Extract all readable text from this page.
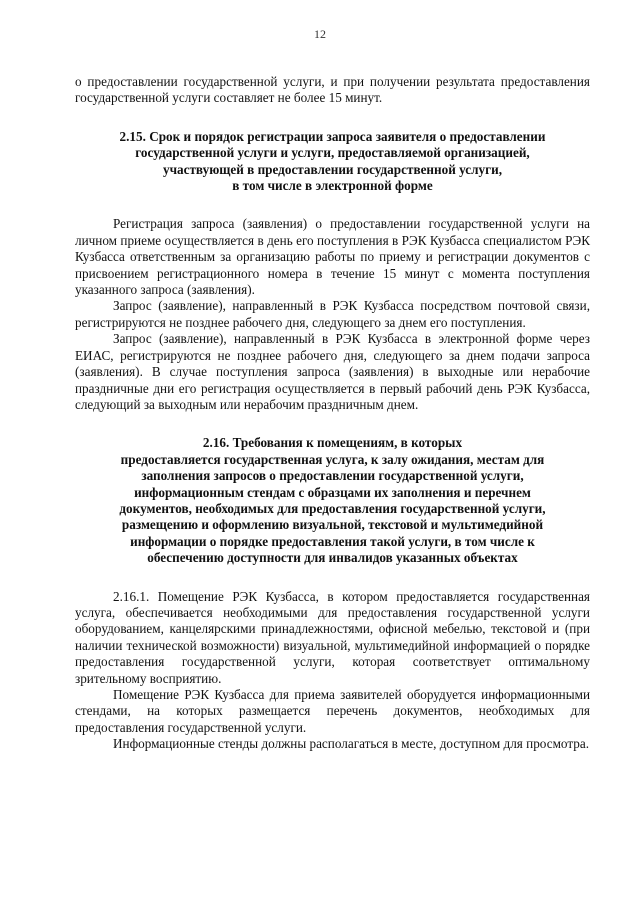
12

о предоставлении государственной услуги, и при получении результата предоставления государственной услуги составляет не более 15 минут.

2.15. Срок и порядок регистрации запроса заявителя о предоставлении
государственной услуги и услуги, предоставляемой организацией,
участвующей в предоставлении государственной услуги,
в том числе в электронной форме

Регистрация запроса (заявления) о предоставлении государственной услуги на личном приеме осуществляется в день его поступления в РЭК Кузбасса специалистом РЭК Кузбасса ответственным за организацию работы по приему и регистрации документов с присвоением регистрационного номера в течение 15 минут с момента поступления указанного запроса (заявления).

Запрос (заявление), направленный в РЭК Кузбасса посредством почтовой связи, регистрируются не позднее рабочего дня, следующего за днем его поступления.

Запрос (заявление), направленный в РЭК Кузбасса в электронной форме через ЕИАС, регистрируются не позднее рабочего дня, следующего за днем подачи запроса (заявления). В случае поступления запроса (заявления) в выходные или нерабочие праздничные дни его регистрация осуществляется в первый рабочий день РЭК Кузбасса, следующий за выходным или нерабочим праздничным днем.

2.16. Требования к помещениям, в которых
предоставляется государственная услуга, к залу ожидания, местам для
заполнения запросов о предоставлении государственной услуги,
информационным стендам с образцами их заполнения и перечнем
документов, необходимых для предоставления государственной услуги,
размещению и оформлению визуальной, текстовой и мультимедийной
информации о порядке предоставления такой услуги, в том числе к
обеспечению доступности для инвалидов указанных объектах

2.16.1. Помещение РЭК Кузбасса, в котором предоставляется государственная услуга, обеспечивается необходимыми для предоставления государственной услуги оборудованием, канцелярскими принадлежностями, офисной мебелью, текстовой и (при наличии технической возможности) визуальной, мультимедийной информацией о порядке предоставления государственной услуги, которая соответствует оптимальному зрительному восприятию.

Помещение РЭК Кузбасса для приема заявителей оборудуется информационными стендами, на которых размещается перечень документов, необходимых для предоставления государственной услуги.

Информационные стенды должны располагаться в месте, доступном для просмотра.
